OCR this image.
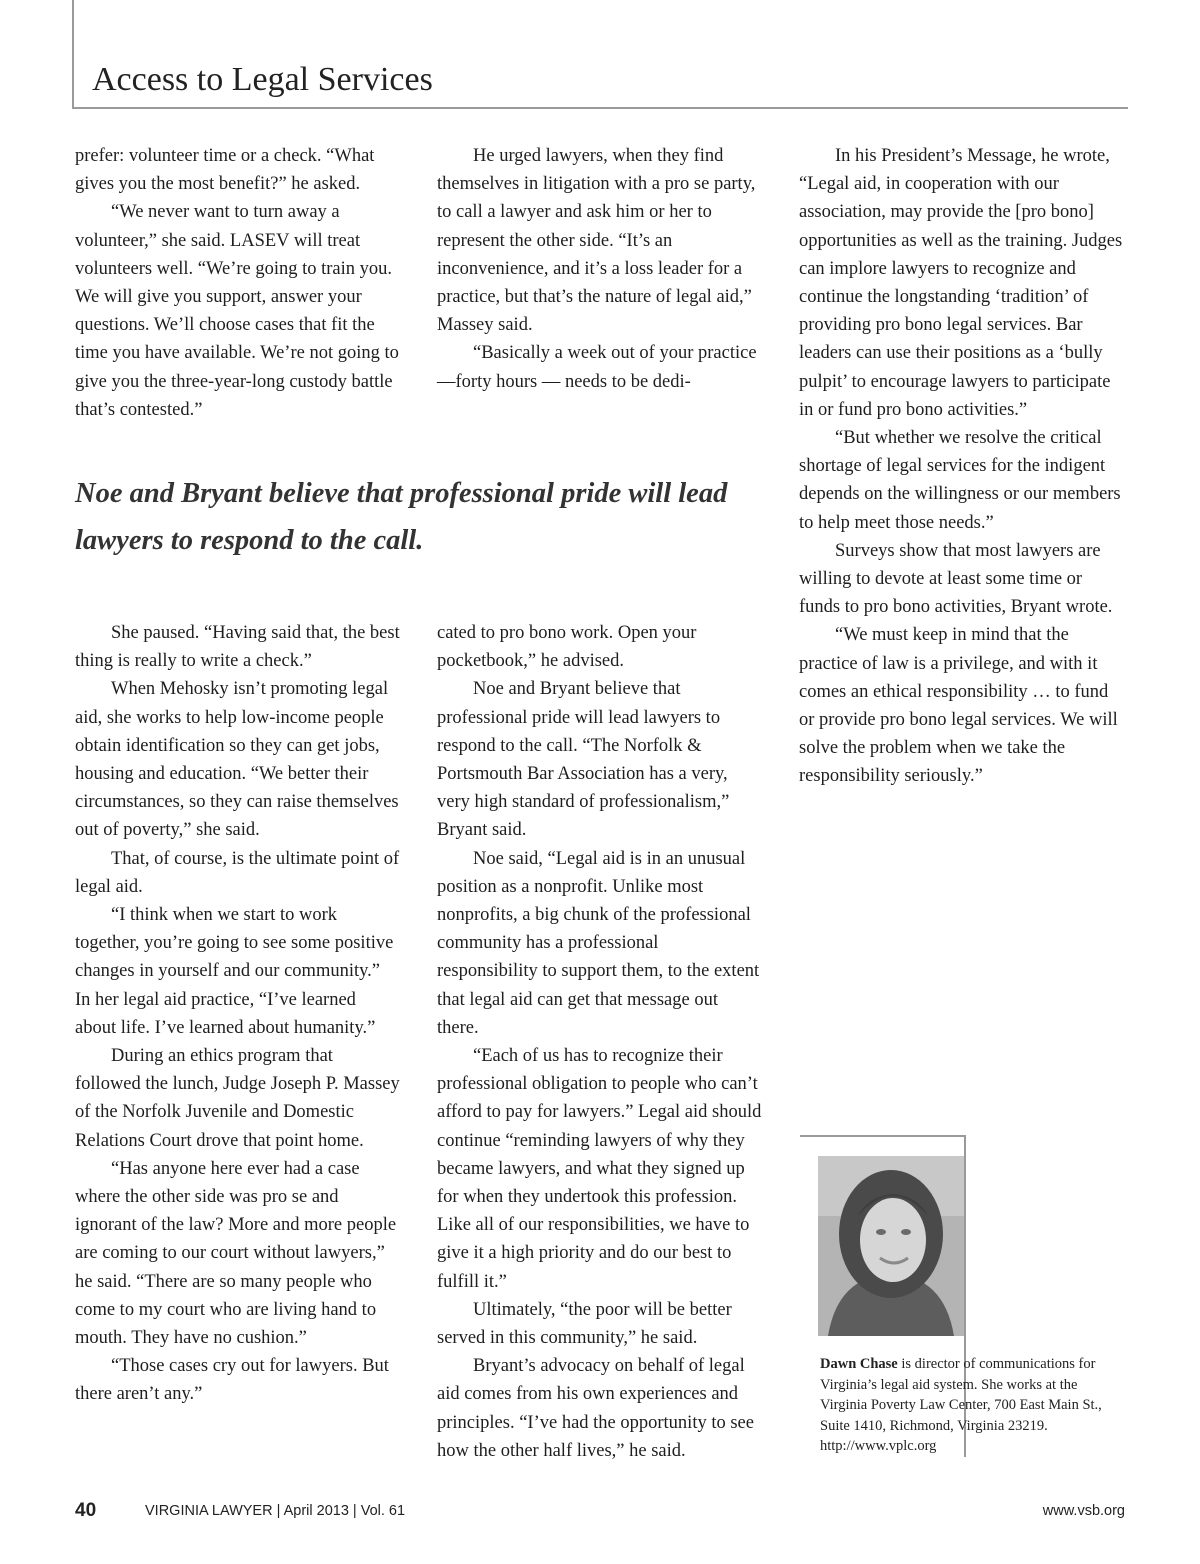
Access to Legal Services

prefer: volunteer time or a check. “What gives you the most benefit?” he asked.

“We never want to turn away a volunteer,” she said. LASEV will treat volunteers well. “We’re going to train you. We will give you support, answer your questions. We’ll choose cases that fit the time you have available. We’re not going to give you the three-year-long custody battle that’s contested.”

He urged lawyers, when they find themselves in litigation with a pro se party, to call a lawyer and ask him or her to represent the other side. “It’s an inconvenience, and it’s a loss leader for a practice, but that’s the nature of legal aid,” Massey said.

“Basically a week out of your practice —forty hours — needs to be dedi-

Noe and Bryant believe that professional pride will lead lawyers to respond to the call.

She paused. “Having said that, the best thing is really to write a check.”

When Mehosky isn’t promoting legal aid, she works to help low-income people obtain identification so they can get jobs, housing and education. “We better their circumstances, so they can raise themselves out of poverty,” she said.

That, of course, is the ultimate point of legal aid.

“I think when we start to work together, you’re going to see some positive changes in yourself and our community.” In her legal aid practice, “I’ve learned about life. I’ve learned about humanity.”

During an ethics program that followed the lunch, Judge Joseph P. Massey of the Norfolk Juvenile and Domestic Relations Court drove that point home.

“Has anyone here ever had a case where the other side was pro se and ignorant of the law? More and more people are coming to our court without lawyers,” he said. “There are so many people who come to my court who are living hand to mouth. They have no cushion.”

“Those cases cry out for lawyers. But there aren’t any.”

cated to pro bono work. Open your pocketbook,” he advised.

Noe and Bryant believe that professional pride will lead lawyers to respond to the call. “The Norfolk & Portsmouth Bar Association has a very, very high standard of professionalism,” Bryant said.

Noe said, “Legal aid is in an unusual position as a nonprofit. Unlike most nonprofits, a big chunk of the professional community has a professional responsibility to support them, to the extent that legal aid can get that message out there.

“Each of us has to recognize their professional obligation to people who can’t afford to pay for lawyers.” Legal aid should continue “reminding lawyers of why they became lawyers, and what they signed up for when they undertook this profession. Like all of our responsibilities, we have to give it a high priority and do our best to fulfill it.”

Ultimately, “the poor will be better served in this community,” he said.

Bryant’s advocacy on behalf of legal aid comes from his own experiences and principles. “I’ve had the opportunity to see how the other half lives,” he said.

In his President’s Message, he wrote, “Legal aid, in cooperation with our association, may provide the [pro bono] opportunities as well as the training. Judges can implore lawyers to recognize and continue the longstanding ‘tradition’ of providing pro bono legal services. Bar leaders can use their positions as a ‘bully pulpit’ to encourage lawyers to participate in or fund pro bono activities.”

“But whether we resolve the critical shortage of legal services for the indigent depends on the willingness or our members to help meet those needs.”

Surveys show that most lawyers are willing to devote at least some time or funds to pro bono activities, Bryant wrote.

“We must keep in mind that the practice of law is a privilege, and with it comes an ethical responsibility … to fund or provide pro bono legal services. We will solve the problem when we take the responsibility seriously.”

Dawn Chase is director of communications for Virginia’s legal aid system. She works at the Virginia Poverty Law Center, 700 East Main St., Suite 1410, Richmond, Virginia 23219. http://www.vplc.org
40	VIRGINIA LAWYER | April 2013 | Vol. 61	www.vsb.org
